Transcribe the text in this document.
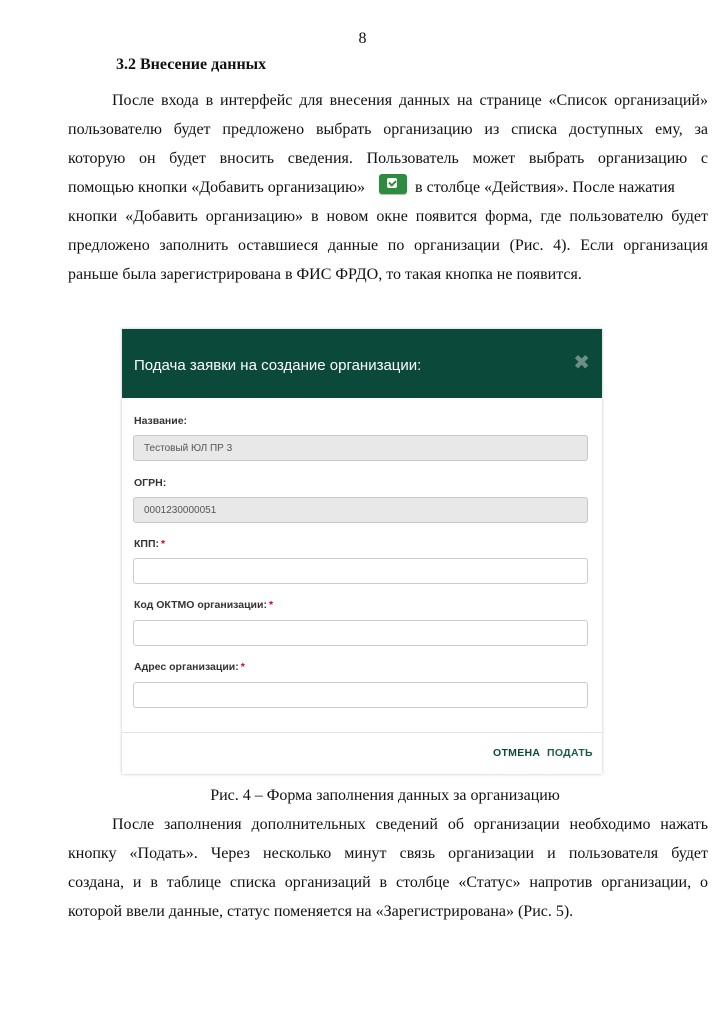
8
3.2 Внесение данных

После входа в интерфейс для внесения данных на странице «Список организаций»
пользователю будет предложено выбрать организацию из списка доступных ему, за
которую он будет вносить сведения. Пользователь может выбрать организацию с
помощью кнопки «Добавить организацию»	в столбце «Действия». После нажатия
кнопки «Добавить организацию» в новом окне появится форма, где пользователю будет
предложено заполнить оставшиеся данные по организации (Рис. 4). Если организация
раньше была зарегистрирована в ФИС ФРДО, то такая кнопка не появится.

Подача заявки на создание организации:	✖
Название:
Тестовый ЮЛ ПР 3
ОГРН:
0001230000051
КПП: *
Код ОКТМО организации: *
Адрес организации: *
ОТМЕНА ПОДАТЬ
Рис. 4 – Форма заполнения данных за организацию

После заполнения дополнительных сведений об организации необходимо нажать
кнопку «Подать». Через несколько минут связь организации и пользователя будет
создана, и в таблице списка организаций в столбце «Статус» напротив организации, о
которой ввели данные, статус поменяется на «Зарегистрирована» (Рис. 5).
